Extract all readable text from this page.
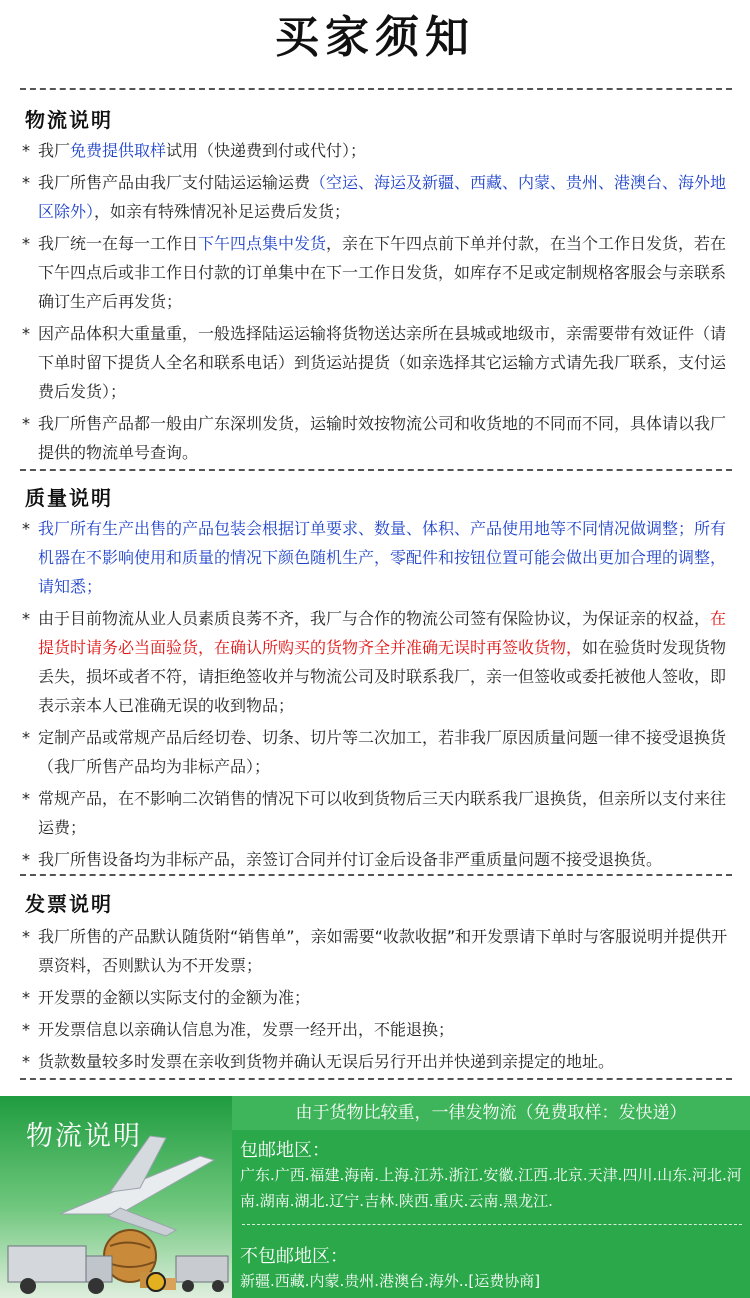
买家须知
物流说明
* 我厂免费提供取样试用（快递费到付或代付）；
* 我厂所售产品由我厂支付陆运运输运费（空运、海运及新疆、西藏、内蒙、贵州、港澳台、海外地区除外），如亲有特殊情况补足运费后发货；
* 我厂统一在每一工作日下午四点集中发货，亲在下午四点前下单并付款，在当个工作日发货，若在下午四点后或非工作日付款的订单集中在下一工作日发货，如库存不足或定制规格客服会与亲联系确订生产后再发货；
* 因产品体积大重量重，一般选择陆运运输将货物送达亲所在县城或地级市，亲需要带有效证件（请下单时留下提货人全名和联系电话）到货运站提货（如亲选择其它运输方式请先我厂联系，支付运费后发货）；
* 我厂所售产品都一般由广东深圳发货，运输时效按物流公司和收货地的不同而不同，具体请以我厂提供的物流单号查询。
质量说明
* 我厂所有生产出售的产品包装会根据订单要求、数量、体积、产品使用地等不同情况做调整；所有机器在不影响使用和质量的情况下颜色随机生产，零配件和按钮位置可能会做出更加合理的调整，请知悉；
* 由于目前物流从业人员素质良莠不齐，我厂与合作的物流公司签有保险协议，为保证亲的权益，在提货时请务必当面验货，在确认所购买的货物齐全并准确无误时再签收货物，如在验货时发现货物丢失，损坏或者不符，请拒绝签收并与物流公司及时联系我厂，亲一但签收或委托被他人签收，即表示亲本人已准确无误的收到物品；
* 定制产品或常规产品后经切卷、切条、切片等二次加工，若非我厂原因质量问题一律不接受退换货（我厂所售产品均为非标产品）；
* 常规产品，在不影响二次销售的情况下可以收到货物后三天内联系我厂退换货，但亲所以支付来往运费；
* 我厂所售设备均为非标产品，亲签订合同并付订金后设备非严重质量问题不接受退换货。
发票说明
* 我厂所售的产品默认随货附“销售单”，亲如需要“收款收据”和开发票请下单时与客服说明并提供开票资料，否则默认为不开发票；
* 开发票的金额以实际支付的金额为准；
* 开发票信息以亲确认信息为准，发票一经开出，不能退换；
* 货款数量较多时发票在亲收到货物并确认无误后另行开出并快递到亲提定的地址。
物流说明
由于货物比较重，一律发物流（免费取样：发快递）
包邮地区：
广东.广西.福建.海南.上海.江苏.浙江.安徽.江西.北京.天津.四川.山东.河北.河南.湖南.湖北.辽宁.吉林.陕西.重庆.云南.黑龙江.
不包邮地区：
新疆.西藏.内蒙.贵州.港澳台.海外..[运费协商]
